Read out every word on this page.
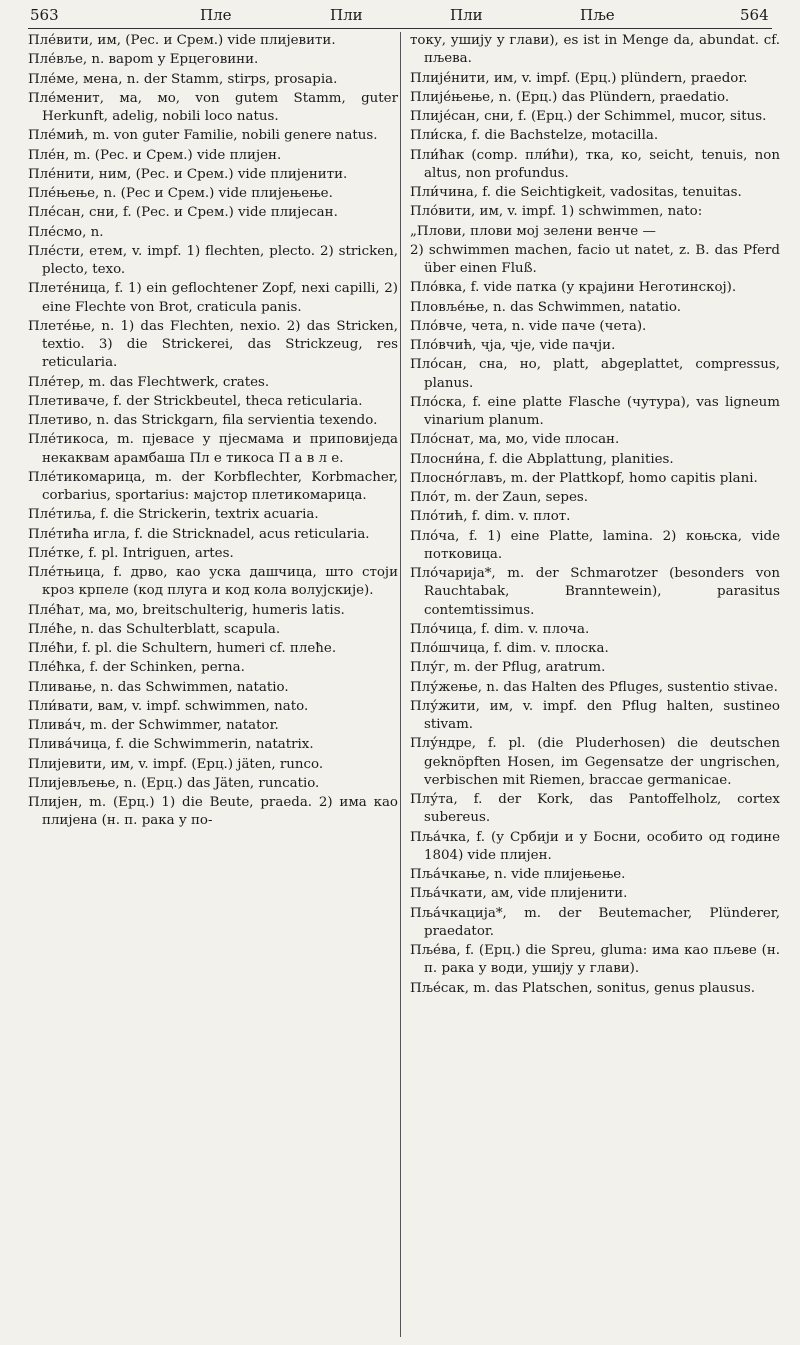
563	Пле	Пли	Пли	Пље	564

Пле́вити, им, (Рес. и Срем.) vide плијевити.

Пле́вље, n. вароm у Ерцеговини.

Пле́ме, мена, n. der Stamm, stirps, prosapia.

Пле́менит, ма, мо, von gutem Stamm, guter Herkunft, adelig, nobili loco natus.

Пле́мић, m. von guter Familie, nobili genere natus.

Пле́н, m. (Рес. и Срем.) vide плијен.

Пле́нити, ним, (Рес. и Срем.) vide плијенити.

Пле́њење, n. (Рес и Срем.) vide плијењење.

Пле́сан, сни, f. (Рес. и Срем.) vide плијесан.

Пле́смо, n.

Пле́сти, етем, v. impf. 1) flechten, plecto. 2) stricken, plecto, texo.

Плете́ница, f. 1) ein geflochtener Zopf, nexi capilli, 2) eine Flechte von Brot, craticula panis.

Плете́ње, n. 1) das Flechten, nexio. 2) das Stricken, textio. 3) die Strickerei, das Strickzeug, res reticularia.

Пле́тер, m. das Flechtwerk, crates.

Плетиваче, f. der Strickbeutel, theca reticularia.

Плетиво, n. das Strickgarn, fila servientia texendo.

Пле́тикоса, m. пјевасе у пјесмама и приповиједа некаквам арамбаша Пл е тикоса П а в л е.

Пле́тикомарица, m. der Korbflechter, Korbmacher, corbarius, sportarius: мајстор плетикомарица.

Пле́тиља, f. die Strickerin, textrix acuaria.

Пле́тиħа игла, f. die Stricknadel, acus reticularia.

Пле́тке, f. pl. Intriguen, artes.

Пле́тњица, f. дрво, као уска дашчица, што стоји кроз крпеле (код плуга и код кола волујскије).

Пле́ħат, ма, мо, breitschulterig, humeris latis.

Пле́ħе, n. das Schulterblatt, scapula.

Пле́ħи, f. pl. die Schultern, humeri cf. плеħе.

Пле́ħка, f. der Schinken, perna.

Пливање, n. das Schwimmen, natatio.

Пли́вати, вам, v. impf. schwimmen, nato.

Плива́ч, m. der Schwimmer, natator.

Плива́чица, f. die Schwimmerin, natatrix.

Плијевити, им, v. impf. (Ерц.) jäten, runco.

Плијевљење, n. (Ерц.) das Jäten, runcatio.

Плијен, m. (Ерц.) 1) die Beute, praeda. 2) има као плијена (н. п. рака у по-

току, ушију у глави), es ist in Menge da, abundat. cf. пљева.

Плије́нити, им, v. impf. (Ерц.) plündern, praedor.

Плије́њење, n. (Ерц.) das Plündern, praedatio.

Плије́сан, сни, f. (Ерц.) der Schimmel, mucor, situs.

Пли́ска, f. die Bachstelze, motacilla.

Пли́ħак (comp. пли́ħи), тка, ко, seicht, tenuis, non altus, non profundus.

Пли́чина, f. die Seichtigkeit, vadositas, tenuitas.

Пло́вити, им, v. impf. 1) schwimmen, nato:

„Плови, плови мој зелени венче —

2) schwimmen machen, facio ut natet, z. B. das Pferd über einen Fluß.

Пло́вка, f. vide патка (у крајини Неготинској).

Пловље́ње, n. das Schwimmen, natatio.

Пло́вче, чета, n. vide паче (чета).

Пло́вчић, чја, чје, vide пачји.

Пло́сан, сна, но, platt, abgeplattet, compressus, planus.

Пло́ска, f. eine platte Flasche (чутура), vas ligneum vinarium planum.

Пло́снат, ма, мо, vide плосан.

Плосни́на, f. die Abplattung, planities.

Плосно́главъ, m. der Plattkopf, homo capitis plani.

Пло́т, m. der Zaun, sepes.

Пло́тић, f. dim. v. плот.

Пло́ча, f. 1) eine Platte, lamina. 2) коњска, vide потковица.

Пло́чарија*, m. der Schmarotzer (besonders von Rauchtabak, Branntewein), parasitus contemtissimus.

Пло́чица, f. dim. v. плоча.

Пло́шчица, f. dim. v. плоска.

Плу́г, m. der Pflug, aratrum.

Плу́жење, n. das Halten des Pfluges, sustentio stivae.

Плу́жити, им, v. impf. den Pflug halten, sustineo stivam.

Плу́ндре, f. pl. (die Pluderhosen) die deutschen geknöpften Hosen, im Gegensatze der ungrischen, verbischen mit Riemen, braccae germanicae.

Плу́та, f. der Kork, das Pantoffelholz, cortex subereus.

Пља́чка, f. (у Србији и у Босни, особито од године 1804) vide плијен.

Пља́чкање, n. vide плијењење.

Пља́чкати, ам, vide плијенити.

Пља́чкација*, m. der Beutemacher, Plünderer, praedator.

Пље́ва, f. (Ерц.) die Spreu, gluma: има као пљеве (н. п. рака у води, ушију у глави).

Пље́сак, m. das Platschen, sonitus, genus plausus.
